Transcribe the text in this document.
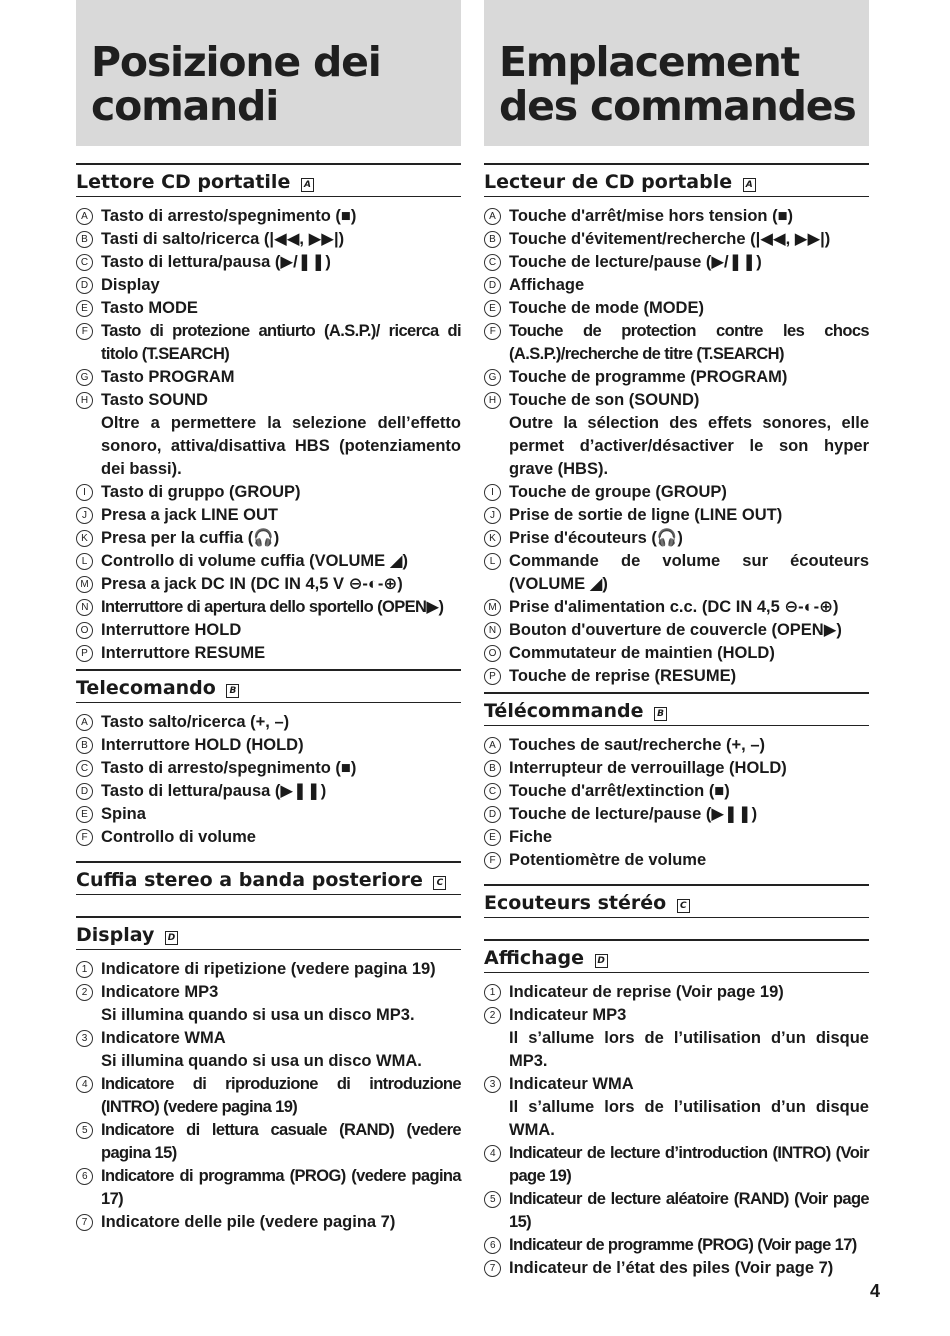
Posizione dei comandi
Lettore CD portatile A
A Tasto di arresto/spegnimento (■)
B Tasti di salto/ricerca (|◀◀, ▶▶|)
C Tasto di lettura/pausa (▶/❚❚)
D Display
E Tasto MODE
F Tasto di protezione antiurto (A.S.P.)/ ricerca di titolo (T.SEARCH)
G Tasto PROGRAM
H Tasto SOUND
Oltre a permettere la selezione dell’effetto sonoro, attiva/disattiva HBS (potenziamento dei bassi).
I Tasto di gruppo (GROUP)
J Presa a jack LINE OUT
K Presa per la cuffia (🎧)
L Controllo di volume cuffia (VOLUME ◢)
M Presa a jack DC IN (DC IN 4,5 V ⊖-◐-⊕)
N Interruttore di apertura dello sportello (OPEN▶)
O Interruttore HOLD
P Interruttore RESUME
Telecomando B
A Tasto salto/ricerca (+, –)
B Interruttore HOLD (HOLD)
C Tasto di arresto/spegnimento (■)
D Tasto di lettura/pausa (▶❚❚)
E Spina
F Controllo di volume
Cuffia stereo a banda posteriore C
Display D
1 Indicatore di ripetizione (vedere pagina 19)
2 Indicatore MP3
Si illumina quando si usa un disco MP3.
3 Indicatore WMA
Si illumina quando si usa un disco WMA.
4 Indicatore di riproduzione di introduzione (INTRO) (vedere pagina 19)
5 Indicatore di lettura casuale (RAND) (vedere pagina 15)
6 Indicatore di programma (PROG) (vedere pagina 17)
7 Indicatore delle pile (vedere pagina 7)
Emplacement des commandes
Lecteur de CD portable A
A Touche d'arrêt/mise hors tension (■)
B Touche d'évitement/recherche (|◀◀, ▶▶|)
C Touche de lecture/pause (▶/❚❚)
D Affichage
E Touche de mode (MODE)
F Touche de protection contre les chocs (A.S.P.)/recherche de titre (T.SEARCH)
G Touche de programme (PROGRAM)
H Touche de son (SOUND)
Outre la sélection des effets sonores, elle permet d’activer/désactiver le son hyper grave (HBS).
I Touche de groupe (GROUP)
J Prise de sortie de ligne (LINE OUT)
K Prise d'écouteurs (🎧)
L Commande de volume sur écouteurs (VOLUME ◢)
M Prise d'alimentation c.c. (DC IN 4,5 ⊖-◐-⊕)
N Bouton d'ouverture de couvercle (OPEN▶)
O Commutateur de maintien (HOLD)
P Touche de reprise (RESUME)
Télécommande B
A Touches de saut/recherche (+, –)
B Interrupteur de verrouillage (HOLD)
C Touche d'arrêt/extinction (■)
D Touche de lecture/pause (▶❚❚)
E Fiche
F Potentiomètre de volume
Ecouteurs stéréo C
Affichage D
1 Indicateur de reprise (Voir page 19)
2 Indicateur MP3
Il s’allume lors de l’utilisation d’un disque MP3.
3 Indicateur WMA
Il s’allume lors de l’utilisation d’un disque WMA.
4 Indicateur de lecture d’introduction (INTRO) (Voir page 19)
5 Indicateur de lecture aléatoire (RAND) (Voir page 15)
6 Indicateur de programme (PROG) (Voir page 17)
7 Indicateur de l’état des piles (Voir page 7)
4
